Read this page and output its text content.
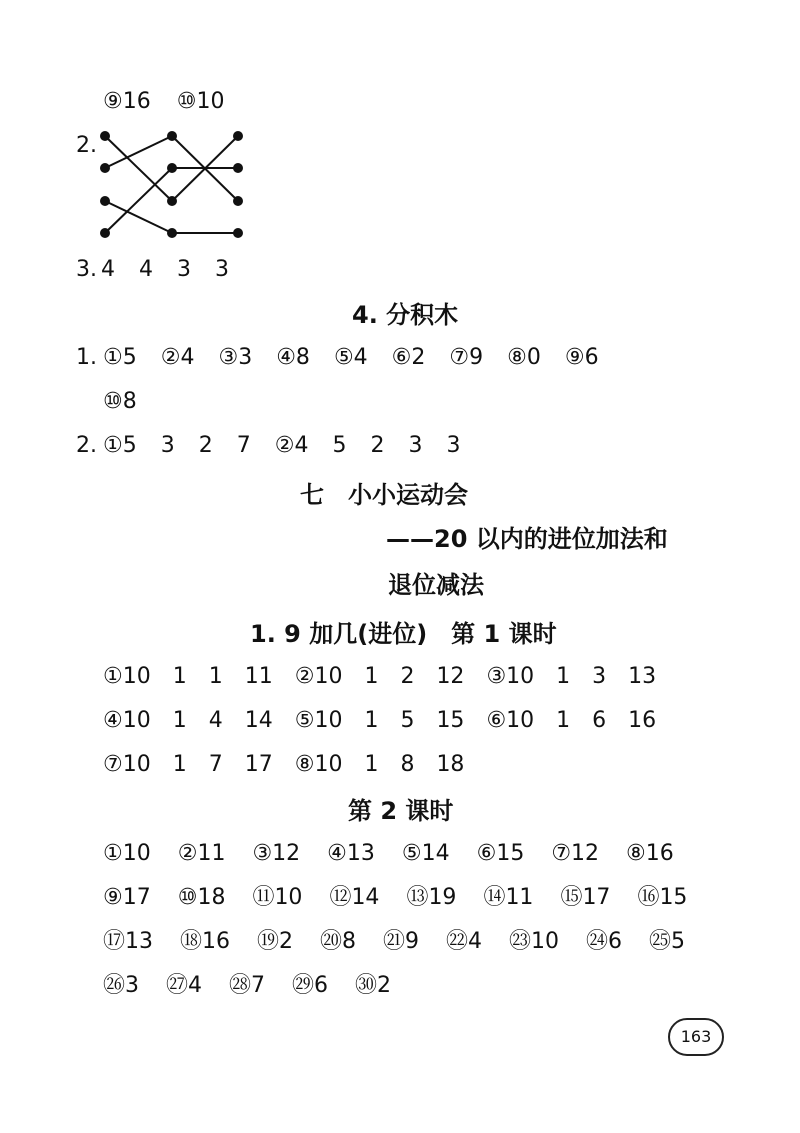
⑨16 ⑩10
2.
3. 4 4 3 3
4. 分积木
1. ①5 ②4 ③3 ④8 ⑤4 ⑥2 ⑦9 ⑧0 ⑨6
⑩8
2. ①5 3 2 7 ②4 5 2 3 3
七　小小运动会
——20 以内的进位加法和
退位减法
1. 9 加几(进位)　第 1 课时
①10 1 1 11 ②10 1 2 12 ③10 1 3 13
④10 1 4 14 ⑤10 1 5 15 ⑥10 1 6 16
⑦10 1 7 17 ⑧10 1 8 18
第 2 课时
①10 ②11 ③12 ④13 ⑤14 ⑥15 ⑦12 ⑧16
⑨17 ⑩18 ⑪10 ⑫14 ⑬19 ⑭11 ⑮17 ⑯15
⑰13 ⑱16 ⑲2 ⑳8 ㉑9 ㉒4 ㉓10 ㉔6 ㉕5
㉖3 ㉗4 ㉘7 ㉙6 ㉚2
163
